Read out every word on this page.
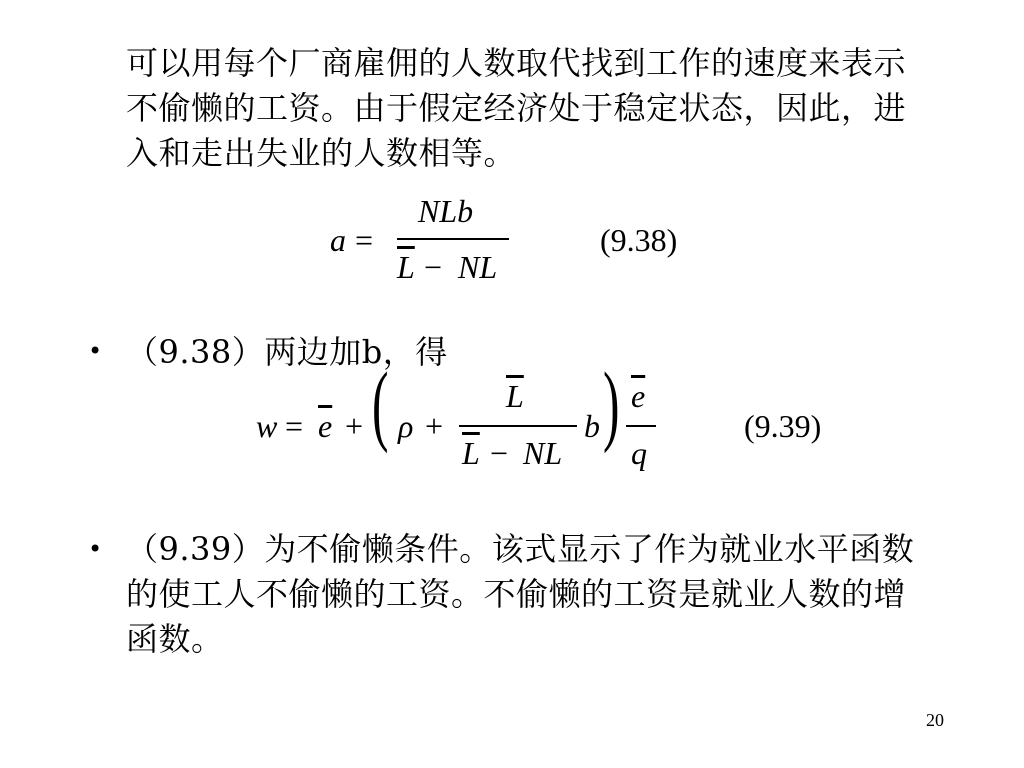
可以用每个厂商雇佣的人数取代找到工作的速度来表示不偷懒的工资。由于假定经济处于稳定状态，因此，进入和走出失业的人数相等。
a =
NLb
$\overline{L}$ − NL
(9.38)
• （9.38）两边加b，得
$w = \overline{e}$ + ( ρ +
$\overline{L}$
$\overline{L}$ − NL
b ) $\overline{e}$
q
(9.39)
• （9.39）为不偷懒条件。该式显示了作为就业水平函数的使工人不偷懒的工资。不偷懒的工资是就业人数的增函数。
20
